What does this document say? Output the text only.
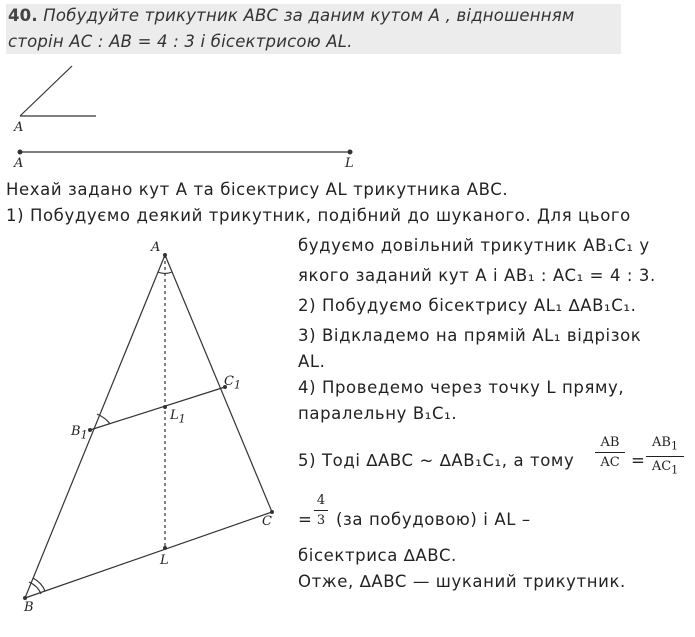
40. Побудуйте трикутник ABC за даним кутом A , відношенням
сторін AC : AB = 4 : 3 і бісектрисою AL.
A
A	L
Нехай задано кут A та бісектрису AL трикутника ABC.
1) Побудуємо деякий трикутник, подібний до шуканого. Для цього
будуємо довільний трикутник AB₁C₁ у
якого заданий кут A і AB₁ : AC₁ = 4 : 3.
2) Побудуємо бісектрису AL₁ ∆AB₁C₁.
3) Відкладемо на прямій AL₁ відрізок
AL.
4) Проведемо через точку L пряму,
паралельну B₁C₁.
5) Тоді ∆ABC ~ ∆AB₁C₁, а тому
AB
AC =
$AB_1$
$AC_1$
=
4
3 (за побудовою) і AL –
бісектриса ∆ABC.
Отже, ∆ABC — шуканий трикутник.
A
$B_1$
$C_1$
$L_1$
L
B
C
